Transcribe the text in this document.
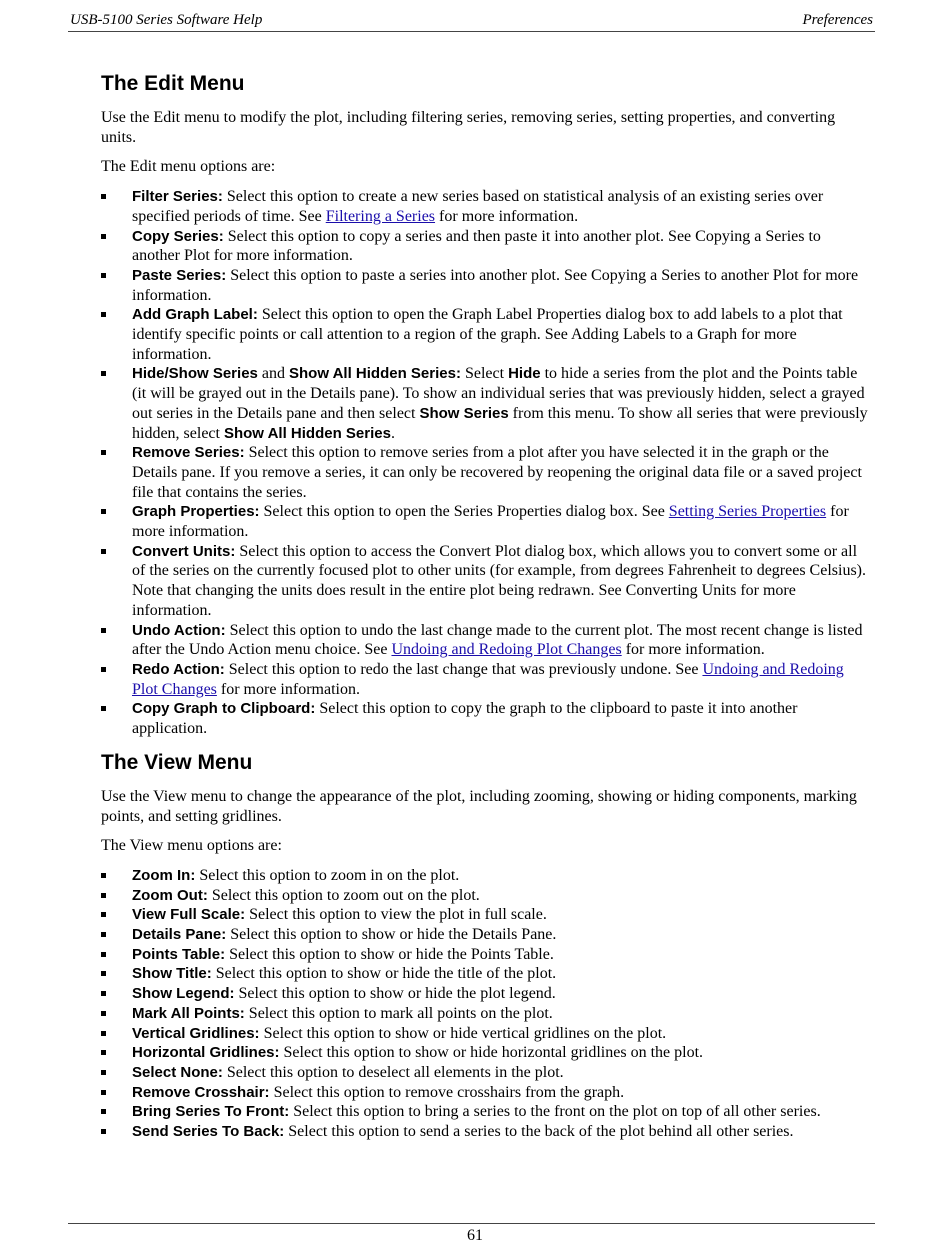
USB-5100 Series Software Help	Preferences
The Edit Menu

Use the Edit menu to modify the plot, including filtering series, removing series, setting properties, and converting units.

The Edit menu options are:

Filter Series: Select this option to create a new series based on statistical analysis of an existing series over specified periods of time. See Filtering a Series for more information.
Copy Series: Select this option to copy a series and then paste it into another plot. See Copying a Series to another Plot for more information.
Paste Series: Select this option to paste a series into another plot. See Copying a Series to another Plot for more information.
Add Graph Label: Select this option to open the Graph Label Properties dialog box to add labels to a plot that identify specific points or call attention to a region of the graph. See Adding Labels to a Graph for more information.
Hide/Show Series and Show All Hidden Series: Select Hide to hide a series from the plot and the Points table (it will be grayed out in the Details pane). To show an individual series that was previously hidden, select a grayed out series in the Details pane and then select Show Series from this menu. To show all series that were previously hidden, select Show All Hidden Series.
Remove Series: Select this option to remove series from a plot after you have selected it in the graph or the Details pane. If you remove a series, it can only be recovered by reopening the original data file or a saved project file that contains the series.
Graph Properties: Select this option to open the Series Properties dialog box. See Setting Series Properties for more information.
Convert Units: Select this option to access the Convert Plot dialog box, which allows you to convert some or all of the series on the currently focused plot to other units (for example, from degrees Fahrenheit to degrees Celsius). Note that changing the units does result in the entire plot being redrawn. See Converting Units for more information.
Undo Action: Select this option to undo the last change made to the current plot. The most recent change is listed after the Undo Action menu choice. See Undoing and Redoing Plot Changes for more information.
Redo Action: Select this option to redo the last change that was previously undone. See Undoing and Redoing Plot Changes for more information.
Copy Graph to Clipboard: Select this option to copy the graph to the clipboard to paste it into another application.
The View Menu

Use the View menu to change the appearance of the plot, including zooming, showing or hiding components, marking points, and setting gridlines.

The View menu options are:

Zoom In: Select this option to zoom in on the plot.
Zoom Out: Select this option to zoom out on the plot.
View Full Scale: Select this option to view the plot in full scale.
Details Pane: Select this option to show or hide the Details Pane.
Points Table: Select this option to show or hide the Points Table.
Show Title: Select this option to show or hide the title of the plot.
Show Legend: Select this option to show or hide the plot legend.
Mark All Points: Select this option to mark all points on the plot.
Vertical Gridlines: Select this option to show or hide vertical gridlines on the plot.
Horizontal Gridlines: Select this option to show or hide horizontal gridlines on the plot.
Select None: Select this option to deselect all elements in the plot.
Remove Crosshair: Select this option to remove crosshairs from the graph.
Bring Series To Front: Select this option to bring a series to the front on the plot on top of all other series.
Send Series To Back: Select this option to send a series to the back of the plot behind all other series.
61
